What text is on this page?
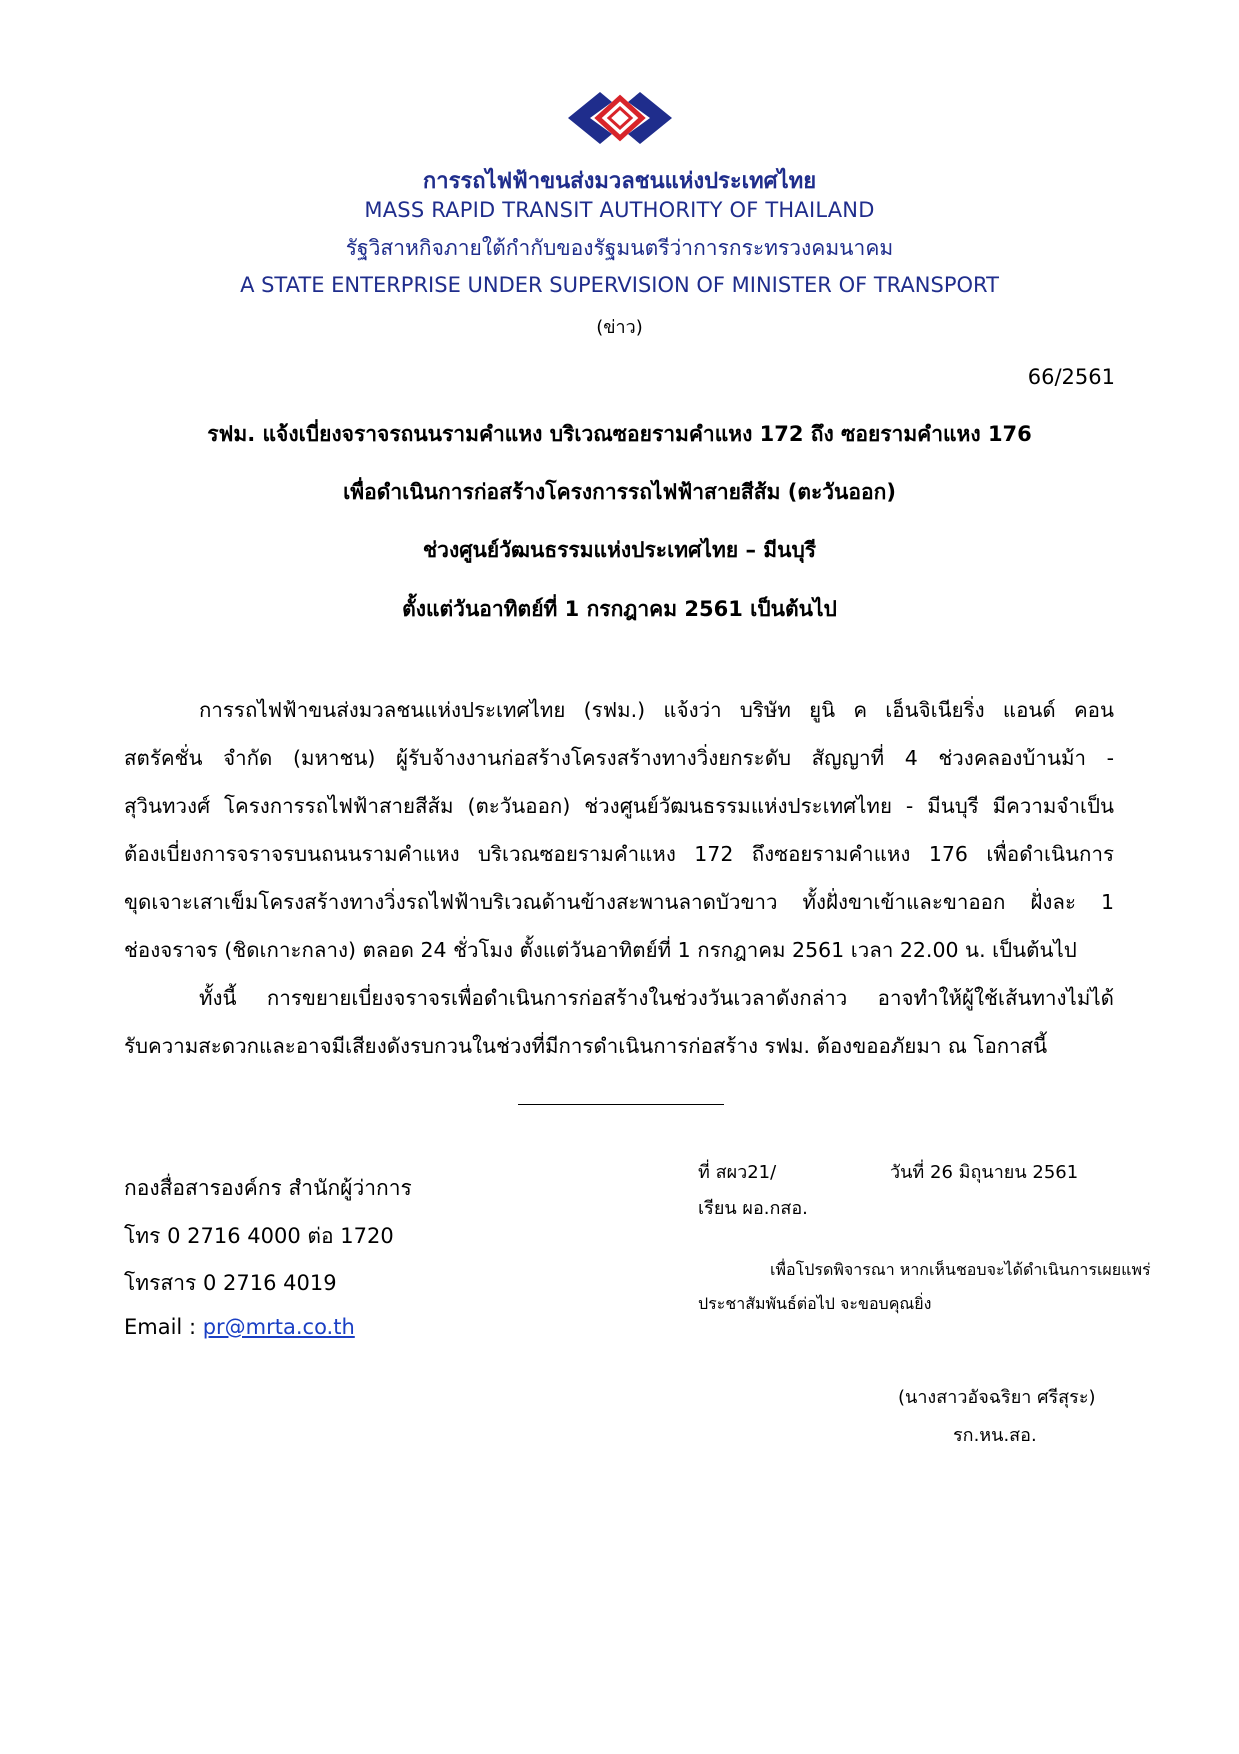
การรถไฟฟ้าขนส่งมวลชนแห่งประเทศไทย
MASS RAPID TRANSIT AUTHORITY OF THAILAND
รัฐวิสาหกิจภายใต้กำกับของรัฐมนตรีว่าการกระทรวงคมนาคม
A STATE ENTERPRISE UNDER SUPERVISION OF MINISTER OF TRANSPORT
(ข่าว)
66/2561
รฟม. แจ้งเบี่ยงจราจรถนนรามคำแหง บริเวณซอยรามคำแหง 172 ถึง ซอยรามคำแหง 176
เพื่อดำเนินการก่อสร้างโครงการรถไฟฟ้าสายสีส้ม (ตะวันออก)
ช่วงศูนย์วัฒนธรรมแห่งประเทศไทย – มีนบุรี
ตั้งแต่วันอาทิตย์ที่ 1 กรกฎาคม 2561 เป็นต้นไป
การรถไฟฟ้าขนส่งมวลชนแห่งประเทศไทย (รฟม.) แจ้งว่า บริษัท ยูนิ ค เอ็นจิเนียริ่ง แอนด์ คอน
สตรัคชั่น จำกัด (มหาชน) ผู้รับจ้างงานก่อสร้างโครงสร้างทางวิ่งยกระดับ สัญญาที่ 4 ช่วงคลองบ้านม้า -
สุวินทวงศ์ โครงการรถไฟฟ้าสายสีส้ม (ตะวันออก) ช่วงศูนย์วัฒนธรรมแห่งประเทศไทย - มีนบุรี มีความจำเป็น
ต้องเบี่ยงการจราจรบนถนนรามคำแหง บริเวณซอยรามคำแหง 172 ถึงซอยรามคำแหง 176 เพื่อดำเนินการ
ขุดเจาะเสาเข็มโครงสร้างทางวิ่งรถไฟฟ้าบริเวณด้านข้างสะพานลาดบัวขาว ทั้งฝั่งขาเข้าและขาออก ฝั่งละ 1
ช่องจราจร (ชิดเกาะกลาง) ตลอด 24 ชั่วโมง ตั้งแต่วันอาทิตย์ที่ 1 กรกฎาคม 2561 เวลา 22.00 น. เป็นต้นไป
ทั้งนี้ การขยายเบี่ยงจราจรเพื่อดำเนินการก่อสร้างในช่วงวันเวลาดังกล่าว อาจทำให้ผู้ใช้เส้นทางไม่ได้
รับความสะดวกและอาจมีเสียงดังรบกวนในช่วงที่มีการดำเนินการก่อสร้าง รฟม. ต้องขออภัยมา ณ โอกาสนี้
กองสื่อสารองค์กร สำนักผู้ว่าการ
โทร 0 2716 4000 ต่อ 1720
โทรสาร 0 2716 4019
Email : pr@mrta.co.th
ที่ สผว21/	วันที่ 26 มิถุนายน 2561
เรียน ผอ.กสอ.
เพื่อโปรดพิจารณา หากเห็นชอบจะได้ดำเนินการเผยแพร่
ประชาสัมพันธ์ต่อไป จะขอบคุณยิ่ง
(นางสาวอัจฉริยา ศรีสุระ)
รก.หน.สอ.
